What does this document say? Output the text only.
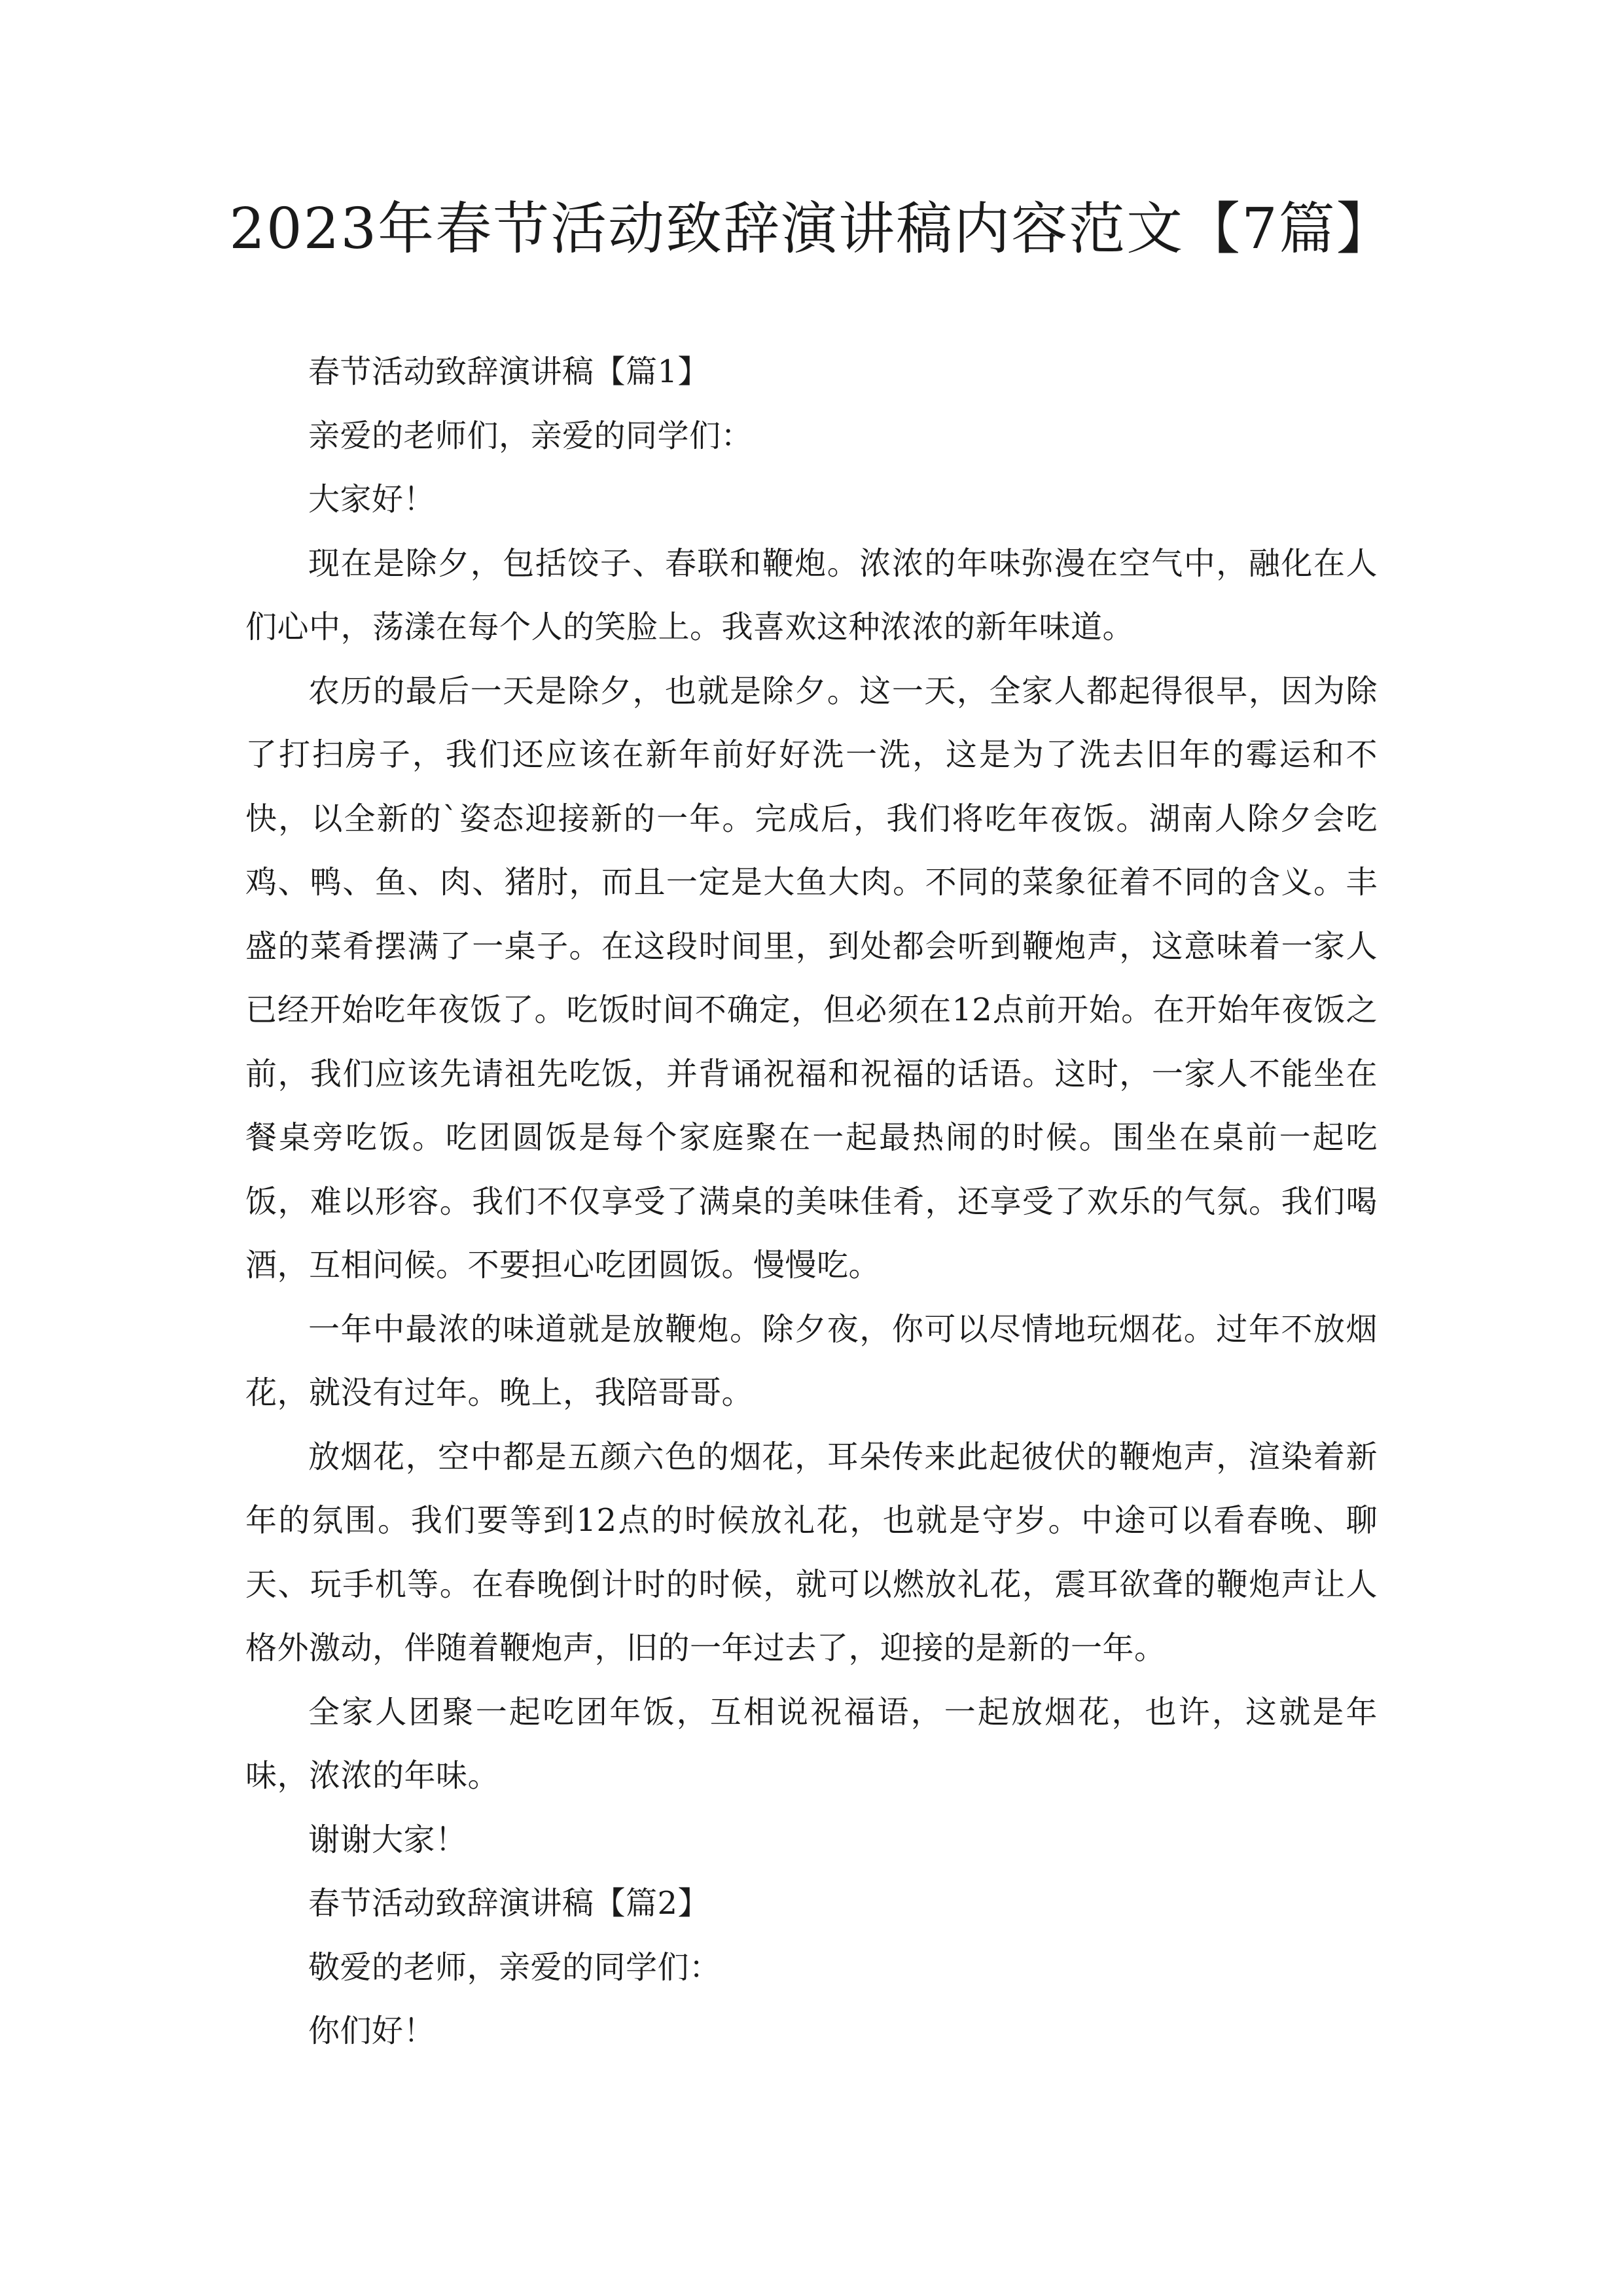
2023年春节活动致辞演讲稿内容范文【7篇】

春节活动致辞演讲稿【篇1】

亲爱的老师们，亲爱的同学们：

大家好！

现在是除夕，包括饺子、春联和鞭炮。浓浓的年味弥漫在空气中，融化在人们心中，荡漾在每个人的笑脸上。我喜欢这种浓浓的新年味道。

农历的最后一天是除夕，也就是除夕。这一天，全家人都起得很早，因为除了打扫房子，我们还应该在新年前好好洗一洗，这是为了洗去旧年的霉运和不快，以全新的`姿态迎接新的一年。完成后，我们将吃年夜饭。湖南人除夕会吃鸡、鸭、鱼、肉、猪肘，而且一定是大鱼大肉。不同的菜象征着不同的含义。丰盛的菜肴摆满了一桌子。在这段时间里，到处都会听到鞭炮声，这意味着一家人已经开始吃年夜饭了。吃饭时间不确定，但必须在12点前开始。在开始年夜饭之前，我们应该先请祖先吃饭，并背诵祝福和祝福的话语。这时，一家人不能坐在餐桌旁吃饭。吃团圆饭是每个家庭聚在一起最热闹的时候。围坐在桌前一起吃饭，难以形容。我们不仅享受了满桌的美味佳肴，还享受了欢乐的气氛。我们喝酒，互相问候。不要担心吃团圆饭。慢慢吃。

一年中最浓的味道就是放鞭炮。除夕夜，你可以尽情地玩烟花。过年不放烟花，就没有过年。晚上，我陪哥哥。

放烟花，空中都是五颜六色的烟花，耳朵传来此起彼伏的鞭炮声，渲染着新年的氛围。我们要等到12点的时候放礼花，也就是守岁。中途可以看春晚、聊天、玩手机等。在春晚倒计时的时候，就可以燃放礼花，震耳欲聋的鞭炮声让人格外激动，伴随着鞭炮声，旧的一年过去了，迎接的是新的一年。

全家人团聚一起吃团年饭，互相说祝福语，一起放烟花，也许，这就是年味，浓浓的年味。

谢谢大家！

春节活动致辞演讲稿【篇2】

敬爱的老师，亲爱的同学们：

你们好！
